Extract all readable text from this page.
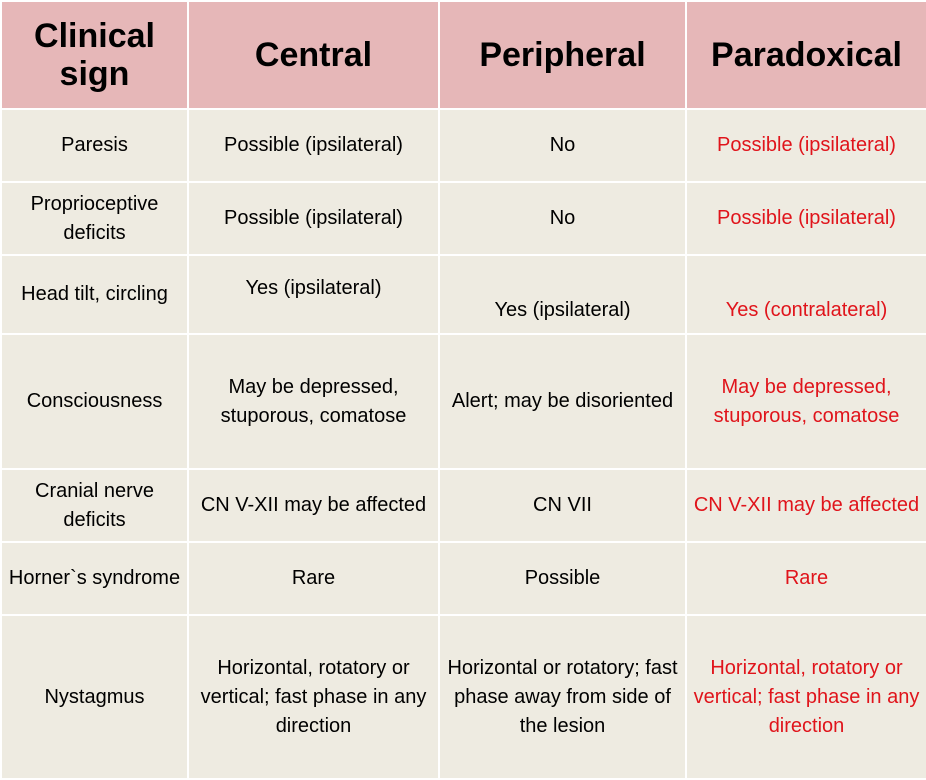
Clinical sign	Central	Peripheral	Paradoxical
Paresis	Possible (ipsilateral)	No	Possible (ipsilateral)
Proprioceptive deficits	Possible (ipsilateral)	No	Possible (ipsilateral)
Head tilt, circling	Yes (ipsilateral)	Yes (ipsilateral)	Yes (contralateral)
Consciousness	May be depressed, stuporous, comatose	Alert; may be disoriented	May be depressed, stuporous, comatose
Cranial nerve deficits	CN V-XII may be affected	CN VII	CN V-XII may be affected
Horner`s syndrome	Rare	Possible	Rare
Nystagmus	Horizontal, rotatory or vertical; fast phase in any direction	Horizontal or rotatory; fast phase away from side of the lesion	Horizontal, rotatory or vertical; fast phase in any direction
